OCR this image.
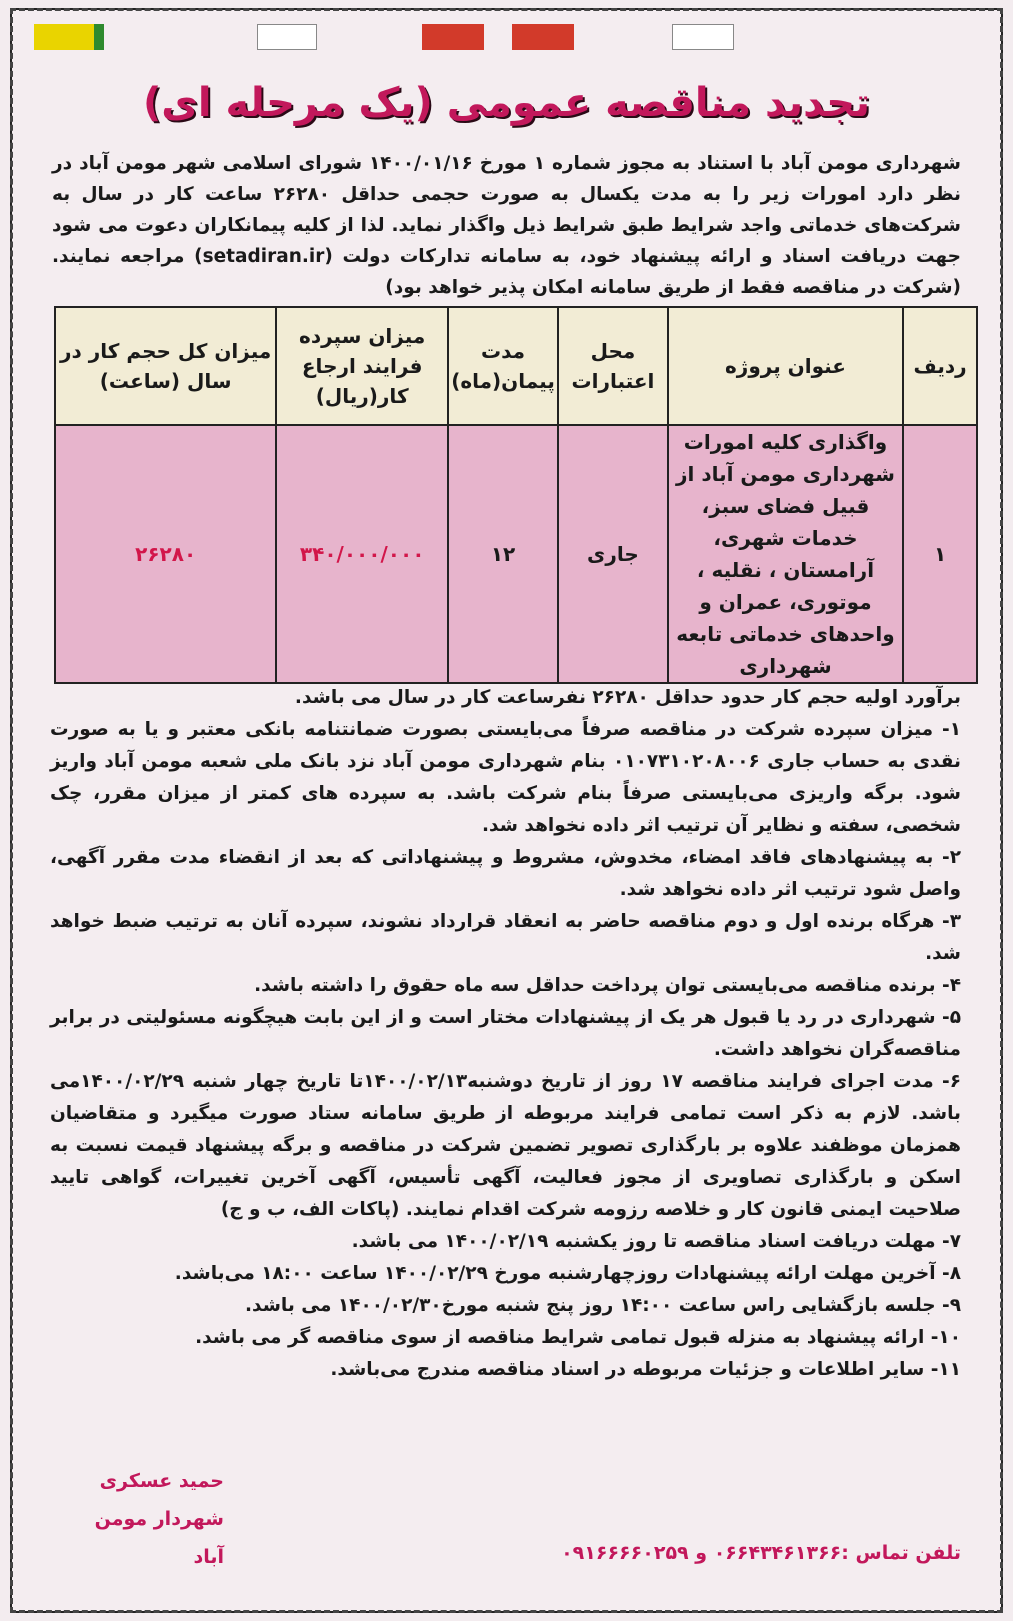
تجدید مناقصه عمومی (یک مرحله ای)

شهرداری مومن آباد با استناد به مجوز شماره ۱ مورخ ۱۴۰۰/۰۱/۱۶ شورای اسلامی شهر مومن آباد در نظر دارد امورات زیر را به مدت یکسال به صورت حجمی حداقل ۲۶۲۸۰ ساعت کار در سال به شرکت‌های خدماتی واجد شرایط طبق شرایط ذیل واگذار نماید. لذا از کلیه پیمانکاران دعوت می شود جهت دریافت اسناد و ارائه پیشنهاد خود، به سامانه تدارکات دولت (setadiran.ir) مراجعه نمایند. (شرکت در مناقصه فقط از طریق سامانه امکان پذیر خواهد بود)

ردیف	عنوان پروژه	محل اعتبارات	مدت پیمان(ماه)	میزان سپرده فرایند ارجاع کار(ریال)	میزان کل حجم کار در سال (ساعت)
۱	واگذاری کلیه امورات شهرداری مومن آباد از قبیل فضای سبز، خدمات شهری، آرامستان ، نقلیه ، موتوری، عمران و واحدهای خدماتی تابعه شهرداری	جاری	۱۲	۳۴۰/۰۰۰/۰۰۰	۲۶۲۸۰

برآورد اولیه حجم کار حدود حداقل ۲۶۲۸۰ نفرساعت کار در سال می باشد.

۱- میزان سپرده شرکت در مناقصه صرفاً می‌بایستی بصورت ضمانتنامه بانکی معتبر و یا به صورت نقدی به حساب جاری ۰۱۰۷۳۱۰۲۰۸۰۰۶ بنام شهرداری مومن آباد نزد بانک ملی شعبه مومن آباد واریز شود. برگه واریزی می‌بایستی صرفاً بنام شرکت باشد. به سپرده های کمتر از میزان مقرر، چک شخصی، سفته و نظایر آن ترتیب اثر داده نخواهد شد.

۲- به پیشنهادهای فاقد امضاء، مخدوش، مشروط و پیشنهاداتی که بعد از انقضاء مدت مقرر آگهی، واصل شود ترتیب اثر داده نخواهد شد.

۳- هرگاه برنده اول و دوم مناقصه حاضر به انعقاد قرارداد نشوند، سپرده آنان به ترتیب ضبط خواهد شد.

۴- برنده مناقصه می‌بایستی توان پرداخت حداقل سه ماه حقوق را داشته باشد.

۵- شهرداری در رد یا قبول هر یک از پیشنهادات مختار است و از این بابت هیچگونه مسئولیتی در برابر مناقصه‌گران نخواهد داشت.

۶- مدت اجرای فرایند مناقصه ۱۷ روز از تاریخ دوشنبه۱۴۰۰/۰۲/۱۳تا تاریخ چهار شنبه ۱۴۰۰/۰۲/۲۹می باشد. لازم به ذکر است تمامی فرایند مربوطه از طریق سامانه ستاد صورت میگیرد و متقاضیان همزمان موظفند علاوه بر بارگذاری تصویر تضمین شرکت در مناقصه و برگه پیشنهاد قیمت نسبت به اسکن و بارگذاری تصاویری از مجوز فعالیت، آگهی تأسیس، آگهی آخرین تغییرات، گواهی تایید صلاحیت ایمنی قانون کار و خلاصه رزومه شرکت اقدام نمایند. (پاکات الف، ب و ج)

۷- مهلت دریافت اسناد مناقصه تا روز یکشنبه ۱۴۰۰/۰۲/۱۹ می باشد.

۸- آخرین مهلت ارائه پیشنهادات روزچهارشنبه مورخ ۱۴۰۰/۰۲/۲۹ ساعت ۱۸:۰۰ می‌باشد.

۹- جلسه بازگشایی راس ساعت ۱۴:۰۰ روز پنج شنبه مورخ۱۴۰۰/۰۲/۳۰ می باشد.

۱۰- ارائه پیشنهاد به منزله قبول تمامی شرایط مناقصه از سوی مناقصه گر می باشد.

۱۱- سایر اطلاعات و جزئیات مربوطه در اسناد مناقصه مندرج می‌باشد.

حمید عسکری
شهردار مومن آباد	تلفن تماس :۰۶۶۴۳۴۶۱۳۶۶ و ۰۹۱۶۶۶۶۰۲۵۹
